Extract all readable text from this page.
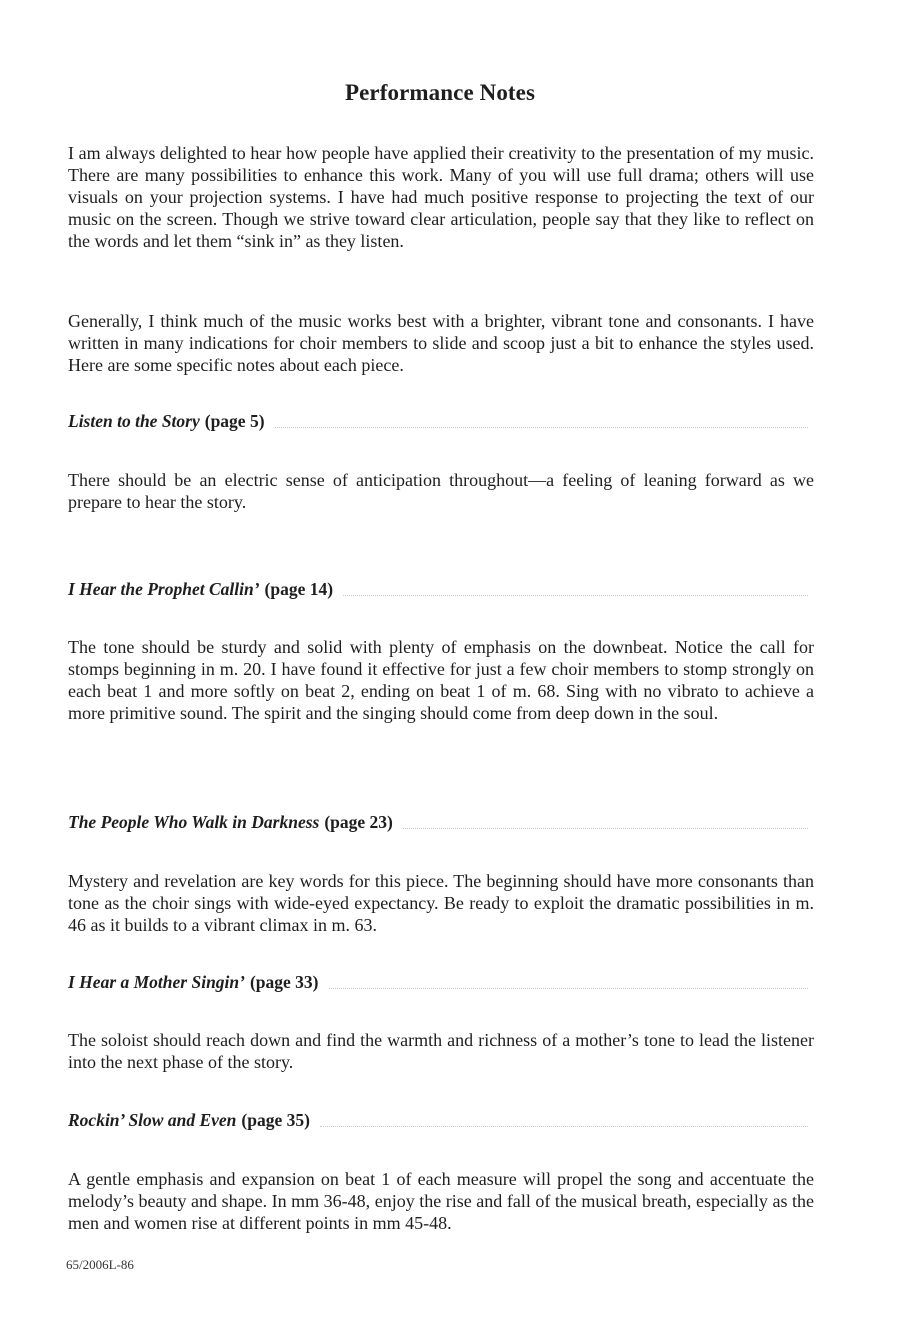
Performance Notes

I am always delighted to hear how people have applied their creativity to the presentation of my music. There are many possibilities to enhance this work. Many of you will use full drama; others will use visuals on your projection systems. I have had much positive response to projecting the text of our music on the screen. Though we strive toward clear articulation, people say that they like to reflect on the words and let them “sink in” as they listen.

Generally, I think much of the music works best with a brighter, vibrant tone and consonants. I have written in many indications for choir members to slide and scoop just a bit to enhance the styles used. Here are some specific notes about each piece.

Listen to the Story (page 5)

There should be an electric sense of anticipation throughout—a feeling of leaning forward as we prepare to hear the story.

I Hear the Prophet Callin’ (page 14)

The tone should be sturdy and solid with plenty of emphasis on the downbeat. Notice the call for stomps beginning in m. 20. I have found it effective for just a few choir members to stomp strongly on each beat 1 and more softly on beat 2, ending on beat 1 of m. 68. Sing with no vibrato to achieve a more primitive sound. The spirit and the singing should come from deep down in the soul.

The People Who Walk in Darkness (page 23)

Mystery and revelation are key words for this piece. The beginning should have more consonants than tone as the choir sings with wide-eyed expectancy. Be ready to exploit the dramatic possibilities in m. 46 as it builds to a vibrant climax in m. 63.

I Hear a Mother Singin’ (page 33)

The soloist should reach down and find the warmth and richness of a mother’s tone to lead the listener into the next phase of the story.

Rockin’ Slow and Even (page 35)

A gentle emphasis and expansion on beat 1 of each measure will propel the song and accentuate the melody’s beauty and shape. In mm 36-48, enjoy the rise and fall of the musical breath, especially as the men and women rise at different points in mm 45-48.

65/2006L-86
